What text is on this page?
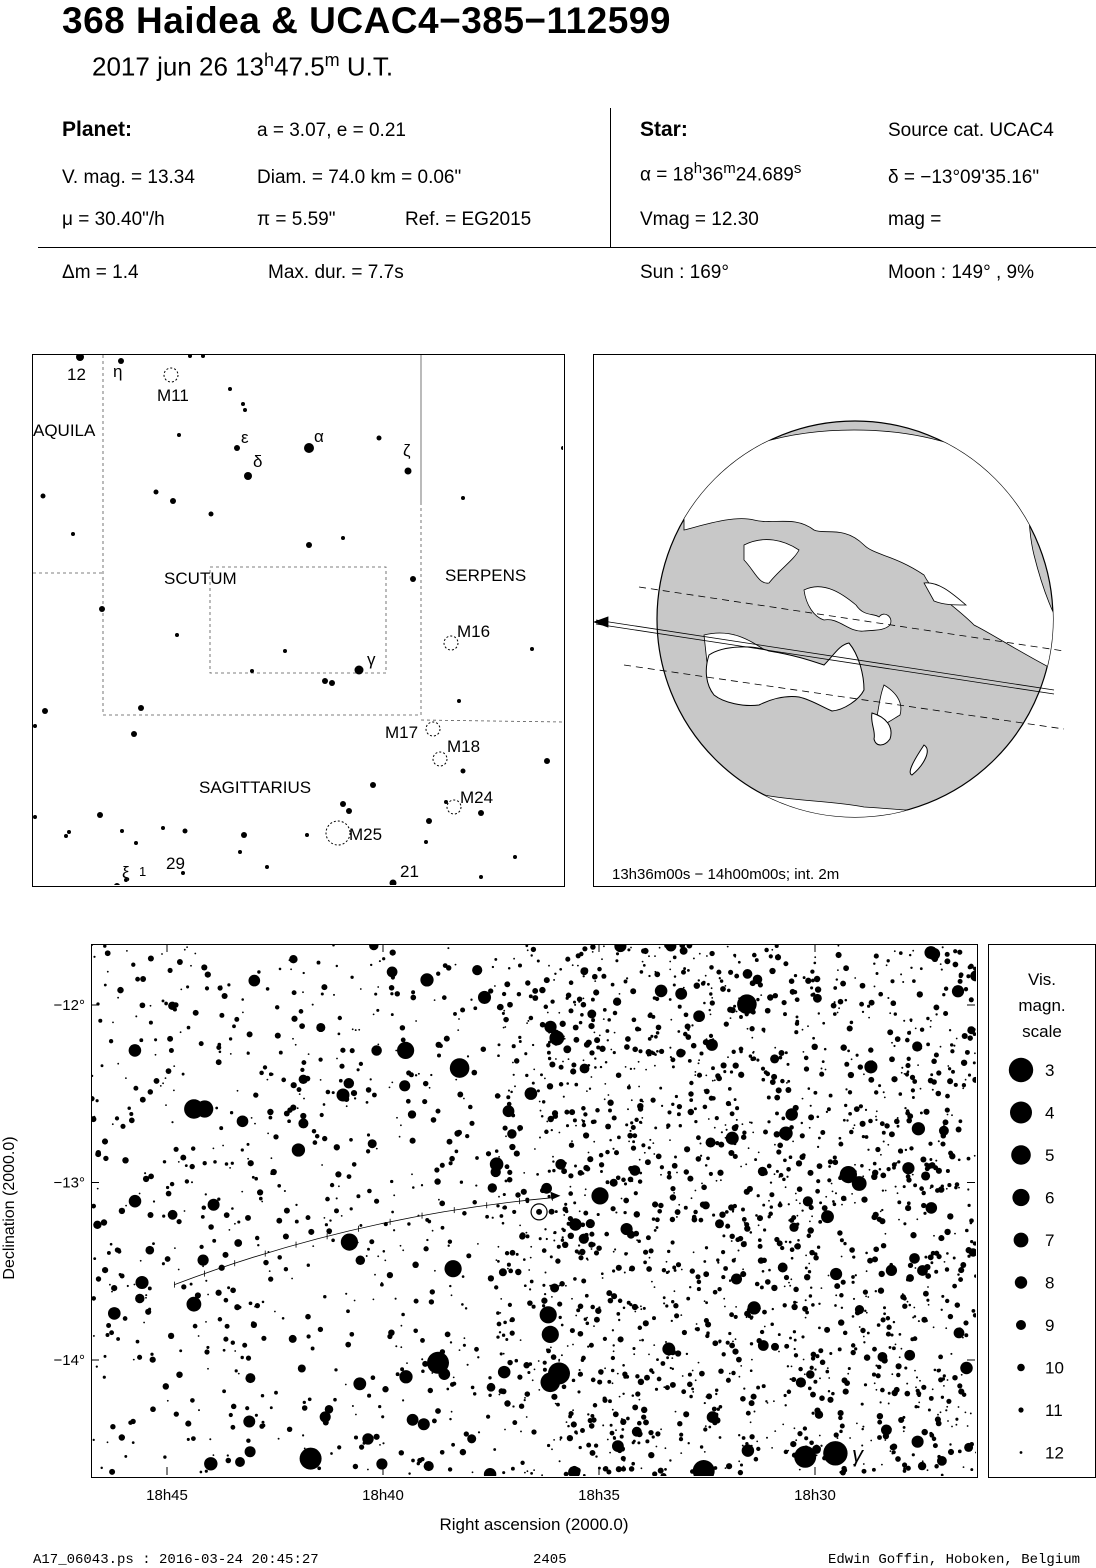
368 Haidea & UCAC4−385−112599
2017 jun 26 13$^h$47.5$^m$ U.T.
Planet:	a = 3.07, e = 0.21
V. mag. = 13.34	Diam. = 74.0 km = 0.06"
μ = 30.40"/h	π = 5.59"	Ref. = EG2015
Star:	Source cat. UCAC4
$\alpha = 18^h36^m24.689^s$	δ = −13°09'35.16"
Vmag = 12.30	mag =
Δm = 1.4	Max. dur. = 7.7s	Sun : 169°	Moon : 149° , 9%
12 η
M11
ε
δ
α
ζ
M16
γ
M17
M18
M24
M25
29	21
ξ 1
AQUILA
SCUTUM	SERPENS
SAGITTARIUS
13h36m00s − 14h00m00s; int. 2m
γ
18h45	18h40	18h35	18h30
−12°
−13°
−14°
Right ascension (2000.0)
Declination (2000.0)
Vis.
magn.
scale
3
4
5
6
7
8
9
10
11
12
A17_06043.ps : 2016-03-24 20:45:27	2405	Edwin Goffin, Hoboken, Belgium
